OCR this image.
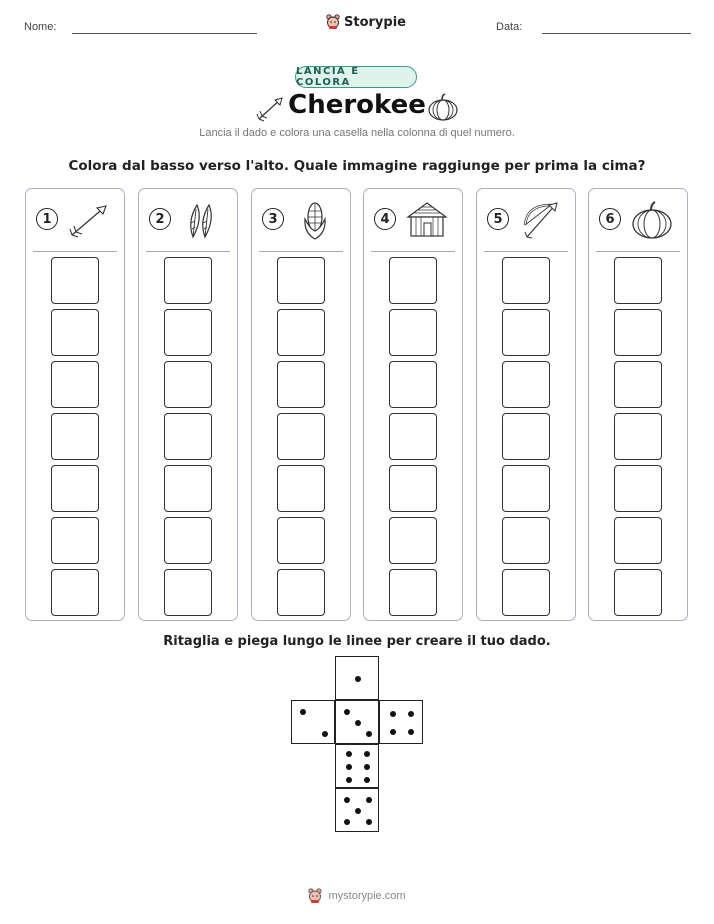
Nome:	Storypie	Data:
LANCIA E COLORA
Cherokee
Lancia il dado e colora una casella nella colonna di quel numero.
Colora dal basso verso l'alto. Quale immagine raggiunge per prima la cima?
1	2	3	4	5	6
Ritaglia e piega lungo le linee per creare il tuo dado.
mystorypie.com
